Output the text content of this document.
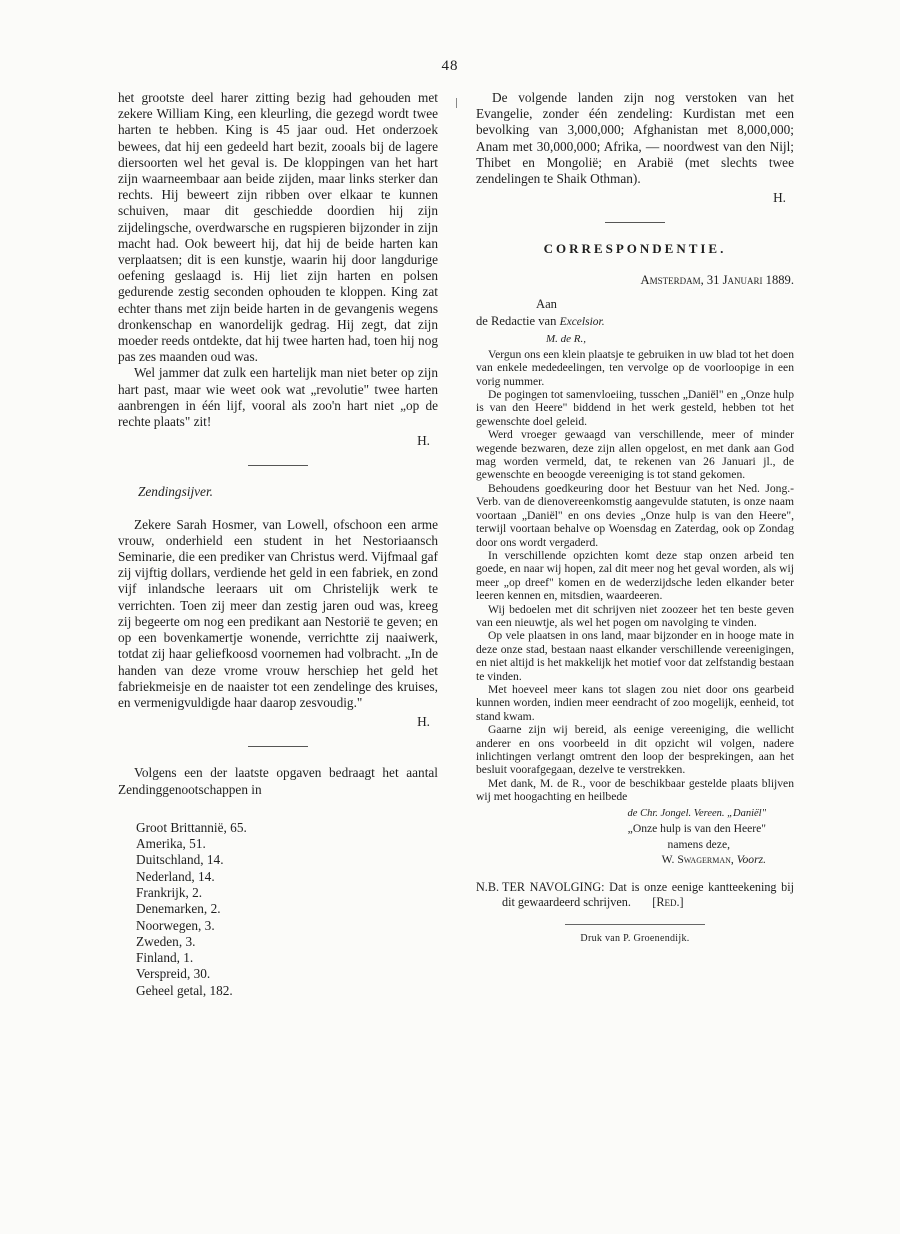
48

het grootste deel harer zitting bezig had gehouden met zekere William King, een kleurling, die gezegd wordt twee harten te hebben. King is 45 jaar oud. Het onderzoek bewees, dat hij een gedeeld hart bezit, zooals bij de lagere diersoorten wel het geval is. De kloppingen van het hart zijn waarneembaar aan beide zijden, maar links sterker dan rechts. Hij beweert zijn ribben over elkaar te kunnen schuiven, maar dit geschiedde doordien hij zijn zijdelingsche, overdwarsche en rugspieren bijzonder in zijn macht had. Ook beweert hij, dat hij de beide harten kan verplaatsen; dit is een kunstje, waarin hij door langdurige oefening geslaagd is. Hij liet zijn harten en polsen gedurende zestig seconden ophouden te kloppen. King zat echter thans met zijn beide harten in de gevangenis wegens dronkenschap en wanordelijk gedrag. Hij zegt, dat zijn moeder reeds ontdekte, dat hij twee harten had, toen hij nog pas zes maanden oud was.

Wel jammer dat zulk een hartelijk man niet beter op zijn hart past, maar wie weet ook wat „revolutie" twee harten aanbrengen in één lijf, vooral als zoo'n hart niet „op de rechte plaats" zit!

H.

Zendingsijver.

Zekere Sarah Hosmer, van Lowell, ofschoon een arme vrouw, onderhield een student in het Nestoriaansch Seminarie, die een prediker van Christus werd. Vijfmaal gaf zij vijftig dollars, verdiende het geld in een fabriek, en zond vijf inlandsche leeraars uit om Christelijk werk te verrichten. Toen zij meer dan zestig jaren oud was, kreeg zij begeerte om nog een predikant aan Nestorië te geven; en op een bovenkamertje wonende, verrichtte zij naaiwerk, totdat zij haar geliefkoosd voornemen had volbracht. „In de handen van deze vrome vrouw herschiep het geld het fabriekmeisje en de naaister tot een zendelinge des kruises, en vermenigvuldigde haar daarop zesvoudig."

H.

Volgens een der laatste opgaven bedraagt het aantal Zendinggenootschappen in

Groot Brittannië, 65.
Amerika, 51.
Duitschland, 14.
Nederland, 14.
Frankrijk, 2.
Denemarken, 2.
Noorwegen, 3.
Zweden, 3.
Finland, 1.
Verspreid, 30.
Geheel getal, 182.

De volgende landen zijn nog verstoken van het Evangelie, zonder één zendeling: Kurdistan met een bevolking van 3,000,000; Afghanistan met 8,000,000; Anam met 30,000,000; Afrika, — noordwest van den Nijl; Thibet en Mongolië; en Arabië (met slechts twee zendelingen te Shaik Othman).

H.
CORRESPONDENTIE.
Amsterdam, 31 Januari 1889.
Aan
de Redactie van Excelsior.
M. de R.,

Vergun ons een klein plaatsje te gebruiken in uw blad tot het doen van enkele mededeelingen, ten vervolge op de voorloopige in een vorig nummer.

De pogingen tot samenvloeiing, tusschen „Daniël" en „Onze hulp is van den Heere" biddend in het werk gesteld, hebben tot het gewenschte doel geleid.

Werd vroeger gewaagd van verschillende, meer of minder wegende bezwaren, deze zijn allen opgelost, en met dank aan God mag worden vermeld, dat, te rekenen van 26 Januari jl., de gewenschte en beoogde vereeniging is tot stand gekomen.

Behoudens goedkeuring door het Bestuur van het Ned. Jong.-Verb. van de dienovereenkomstig aangevulde statuten, is onze naam voortaan „Daniël" en ons devies „Onze hulp is van den Heere", terwijl voortaan behalve op Woensdag en Zaterdag, ook op Zondag door ons wordt vergaderd.

In verschillende opzichten komt deze stap onzen arbeid ten goede, en naar wij hopen, zal dit meer nog het geval worden, als wij meer „op dreef" komen en de wederzijdsche leden elkander beter leeren kennen en, mitsdien, waardeeren.

Wij bedoelen met dit schrijven niet zoozeer het ten beste geven van een nieuwtje, als wel het pogen om navolging te vinden.

Op vele plaatsen in ons land, maar bijzonder en in hooge mate in deze onze stad, bestaan naast elkander verschillende vereenigingen, en niet altijd is het makkelijk het motief voor dat zelfstandig bestaan te vinden.

Met hoeveel meer kans tot slagen zou niet door ons gearbeid kunnen worden, indien meer eendracht of zoo mogelijk, eenheid, tot stand kwam.

Gaarne zijn wij bereid, als eenige vereeniging, die wellicht anderer en ons voorbeeld in dit opzicht wil volgen, nadere inlichtingen verlangt omtrent den loop der besprekingen, aan het besluit voorafgegaan, dezelve te verstrekken.

Met dank, M. de R., voor de beschikbaar gestelde plaats blijven wij met hoogachting en heilbede

de Chr. Jongel. Vereen. „Daniël"
„Onze hulp is van den Heere"
namens deze,
W. Swagerman, Voorz.
N.B. TER NAVOLGING: Dat is onze eenige kantteekening bij dit gewaardeerd schrijven. [Red.]
Druk van P. Groenendijk.
